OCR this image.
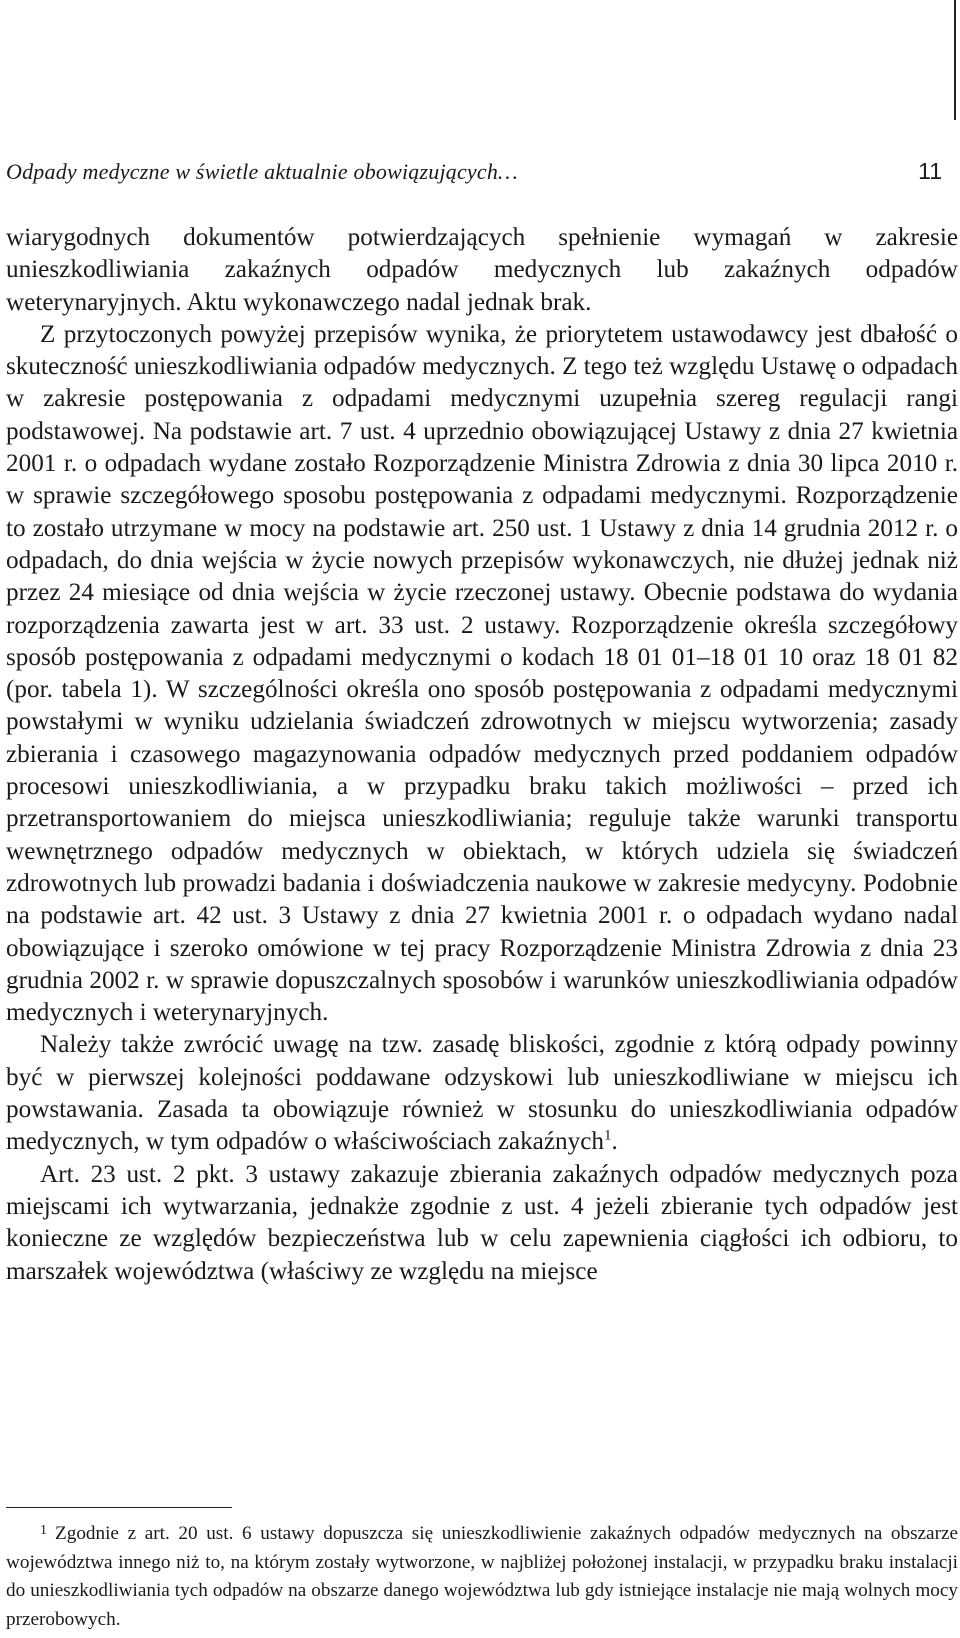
Odpady medyczne w świetle aktualnie obowiązujących…	11

wiarygodnych dokumentów potwierdzających spełnienie wymagań w zakresie unieszkodliwiania zakaźnych odpadów medycznych lub zakaźnych odpadów weterynaryjnych. Aktu wykonawczego nadal jednak brak.

Z przytoczonych powyżej przepisów wynika, że priorytetem ustawodawcy jest dbałość o skuteczność unieszkodliwiania odpadów medycznych. Z tego też względu Ustawę o odpadach w zakresie postępowania z odpadami medycznymi uzupełnia szereg regulacji rangi podstawowej. Na podstawie art. 7 ust. 4 uprzednio obowiązującej Ustawy z dnia 27 kwietnia 2001 r. o odpadach wydane zostało Rozporządzenie Ministra Zdrowia z dnia 30 lipca 2010 r. w sprawie szczegółowego sposobu postępowania z odpadami medycznymi. Rozporządzenie to zostało utrzymane w mocy na podstawie art. 250 ust. 1 Ustawy z dnia 14 grudnia 2012 r. o odpadach, do dnia wejścia w życie nowych przepisów wykonawczych, nie dłużej jednak niż przez 24 miesiące od dnia wejścia w życie rzeczonej ustawy. Obecnie podstawa do wydania rozporządzenia zawarta jest w art. 33 ust. 2 ustawy. Rozporządzenie określa szczegółowy sposób postępowania z odpadami medycznymi o kodach 18 01 01–18 01 10 oraz 18 01 82 (por. tabela 1). W szczególności określa ono sposób postępowania z odpadami medycznymi powstałymi w wyniku udzielania świadczeń zdrowotnych w miejscu wytworzenia; zasady zbierania i czasowego magazynowania odpadów medycznych przed poddaniem odpadów procesowi unieszkodliwiania, a w przypadku braku takich możliwości – przed ich przetransportowaniem do miejsca unieszkodliwiania; reguluje także warunki transportu wewnętrznego odpadów medycznych w obiektach, w których udziela się świadczeń zdrowotnych lub prowadzi badania i doświadczenia naukowe w zakresie medycyny. Podobnie na podstawie art. 42 ust. 3 Ustawy z dnia 27 kwietnia 2001 r. o odpadach wydano nadal obowiązujące i szeroko omówione w tej pracy Rozporządzenie Ministra Zdrowia z dnia 23 grudnia 2002 r. w sprawie dopuszczalnych sposobów i warunków unieszkodliwiania odpadów medycznych i weterynaryjnych.

Należy także zwrócić uwagę na tzw. zasadę bliskości, zgodnie z którą odpady powinny być w pierwszej kolejności poddawane odzyskowi lub unieszkodliwiane w miejscu ich powstawania. Zasada ta obowiązuje również w stosunku do unieszkodliwiania odpadów medycznych, w tym odpadów o właściwościach zakaźnych$^1$.

Art. 23 ust. 2 pkt. 3 ustawy zakazuje zbierania zakaźnych odpadów medycznych poza miejscami ich wytwarzania, jednakże zgodnie z ust. 4 jeżeli zbieranie tych odpadów jest konieczne ze względów bezpieczeństwa lub w celu zapewnienia ciągłości ich odbioru, to marszałek województwa (właściwy ze względu na miejsce

$^1$ Zgodnie z art. 20 ust. 6 ustawy dopuszcza się unieszkodliwienie zakaźnych odpadów medycznych na obszarze województwa innego niż to, na którym zostały wytworzone, w najbliżej położonej instalacji, w przypadku braku instalacji do unieszkodliwiania tych odpadów na obszarze danego województwa lub gdy istniejące instalacje nie mają wolnych mocy przerobowych.
